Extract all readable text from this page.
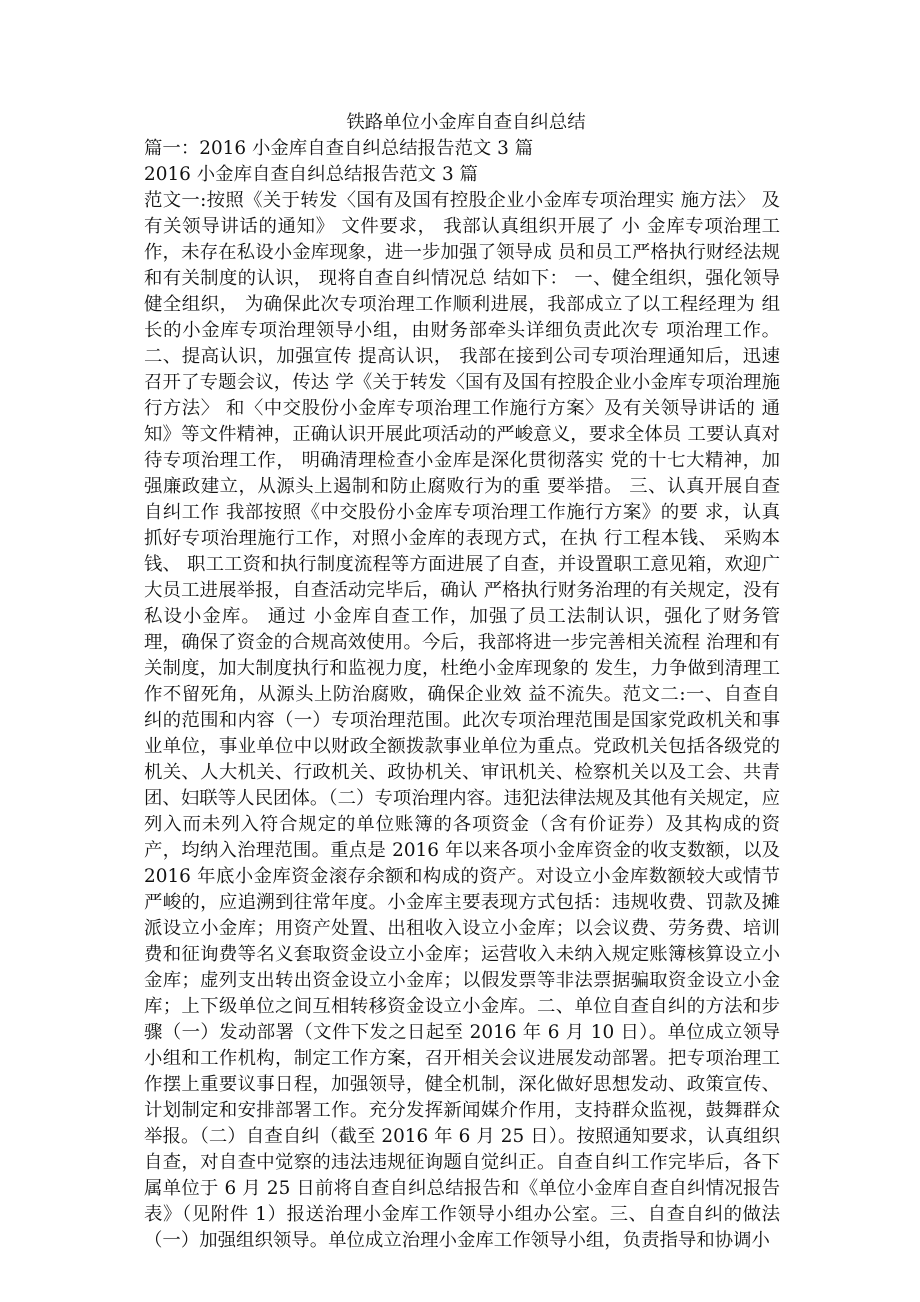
铁路单位小金库自查自纠总结

篇一：2016 小金库自查自纠总结报告范文 3 篇

2016 小金库自查自纠总结报告范文 3 篇

范文一:按照《关于转发〈国有及国有控股企业小金库专项治理实 施方法〉 及有关领导讲话的通知》 文件要求， 我部认真组织开展了 小 金库专项治理工作，未存在私设小金库现象，进一步加强了领导成 员和员工严格执行财经法规和有关制度的认识， 现将自查自纠情况总 结如下： 一、健全组织，强化领导 健全组织， 为确保此次专项治理工作顺利进展，我部成立了以工程经理为 组长的小金库专项治理领导小组，由财务部牵头详细负责此次专 项治理工作。 二、提高认识，加强宣传 提高认识， 我部在接到公司专项治理通知后，迅速召开了专题会议，传达 学《关于转发〈国有及国有控股企业小金库专项治理施行方法〉 和〈中交股份小金库专项治理工作施行方案〉及有关领导讲话的 通知》等文件精神，正确认识开展此项活动的严峻意义，要求全体员 工要认真对待专项治理工作， 明确清理检查小金库是深化贯彻落实 党的十七大精神，加强廉政建立，从源头上遏制和防止腐败行为的重 要举措。 三、认真开展自查自纠工作 我部按照《中交股份小金库专项治理工作施行方案》的要 求，认真抓好专项治理施行工作，对照小金库的表现方式，在执 行工程本钱、 采购本钱、 职工工资和执行制度流程等方面进展了自查，并设置职工意见箱，欢迎广大员工进展举报，自查活动完毕后，确认 严格执行财务治理的有关规定，没有私设小金库。 通过 小金库自查工作，加强了员工法制认识，强化了财务管理，确保了资金的合规高效使用。今后，我部将进一步完善相关流程 治理和有关制度，加大制度执行和监视力度，杜绝小金库现象的 发生，力争做到清理工作不留死角，从源头上防治腐败，确保企业效 益不流失。范文二:一、自查自纠的范围和内容（一）专项治理范围。此次专项治理范围是国家党政机关和事业单位，事业单位中以财政全额拨款事业单位为重点。党政机关包括各级党的机关、人大机关、行政机关、政协机关、审讯机关、检察机关以及工会、共青团、妇联等人民团体。（二）专项治理内容。违犯法律法规及其他有关规定，应列入而未列入符合规定的单位账簿的各项资金（含有价证券）及其构成的资产，均纳入治理范围。重点是 2016 年以来各项小金库资金的收支数额，以及 2016 年底小金库资金滚存余额和构成的资产。对设立小金库数额较大或情节严峻的，应追溯到往常年度。小金库主要表现方式包括：违规收费、罚款及摊派设立小金库；用资产处置、出租收入设立小金库；以会议费、劳务费、培训费和征询费等名义套取资金设立小金库；运营收入未纳入规定账簿核算设立小金库；虚列支出转出资金设立小金库；以假发票等非法票据骗取资金设立小金库；上下级单位之间互相转移资金设立小金库。二、单位自查自纠的方法和步骤（一）发动部署（文件下发之日起至 2016 年 6 月 10 日）。单位成立领导小组和工作机构，制定工作方案，召开相关会议进展发动部署。把专项治理工作摆上重要议事日程，加强领导，健全机制，深化做好思想发动、政策宣传、计划制定和安排部署工作。充分发挥新闻媒介作用，支持群众监视，鼓舞群众举报。（二）自查自纠（截至 2016 年 6 月 25 日）。按照通知要求，认真组织自查，对自查中觉察的违法违规征询题自觉纠正。自查自纠工作完毕后，各下属单位于 6 月 25 日前将自查自纠总结报告和《单位小金库自查自纠情况报告表》（见附件 1）报送治理小金库工作领导小组办公室。三、自查自纠的做法（一）加强组织领导。单位成立治理小金库工作领导小组，负责指导和协调小
